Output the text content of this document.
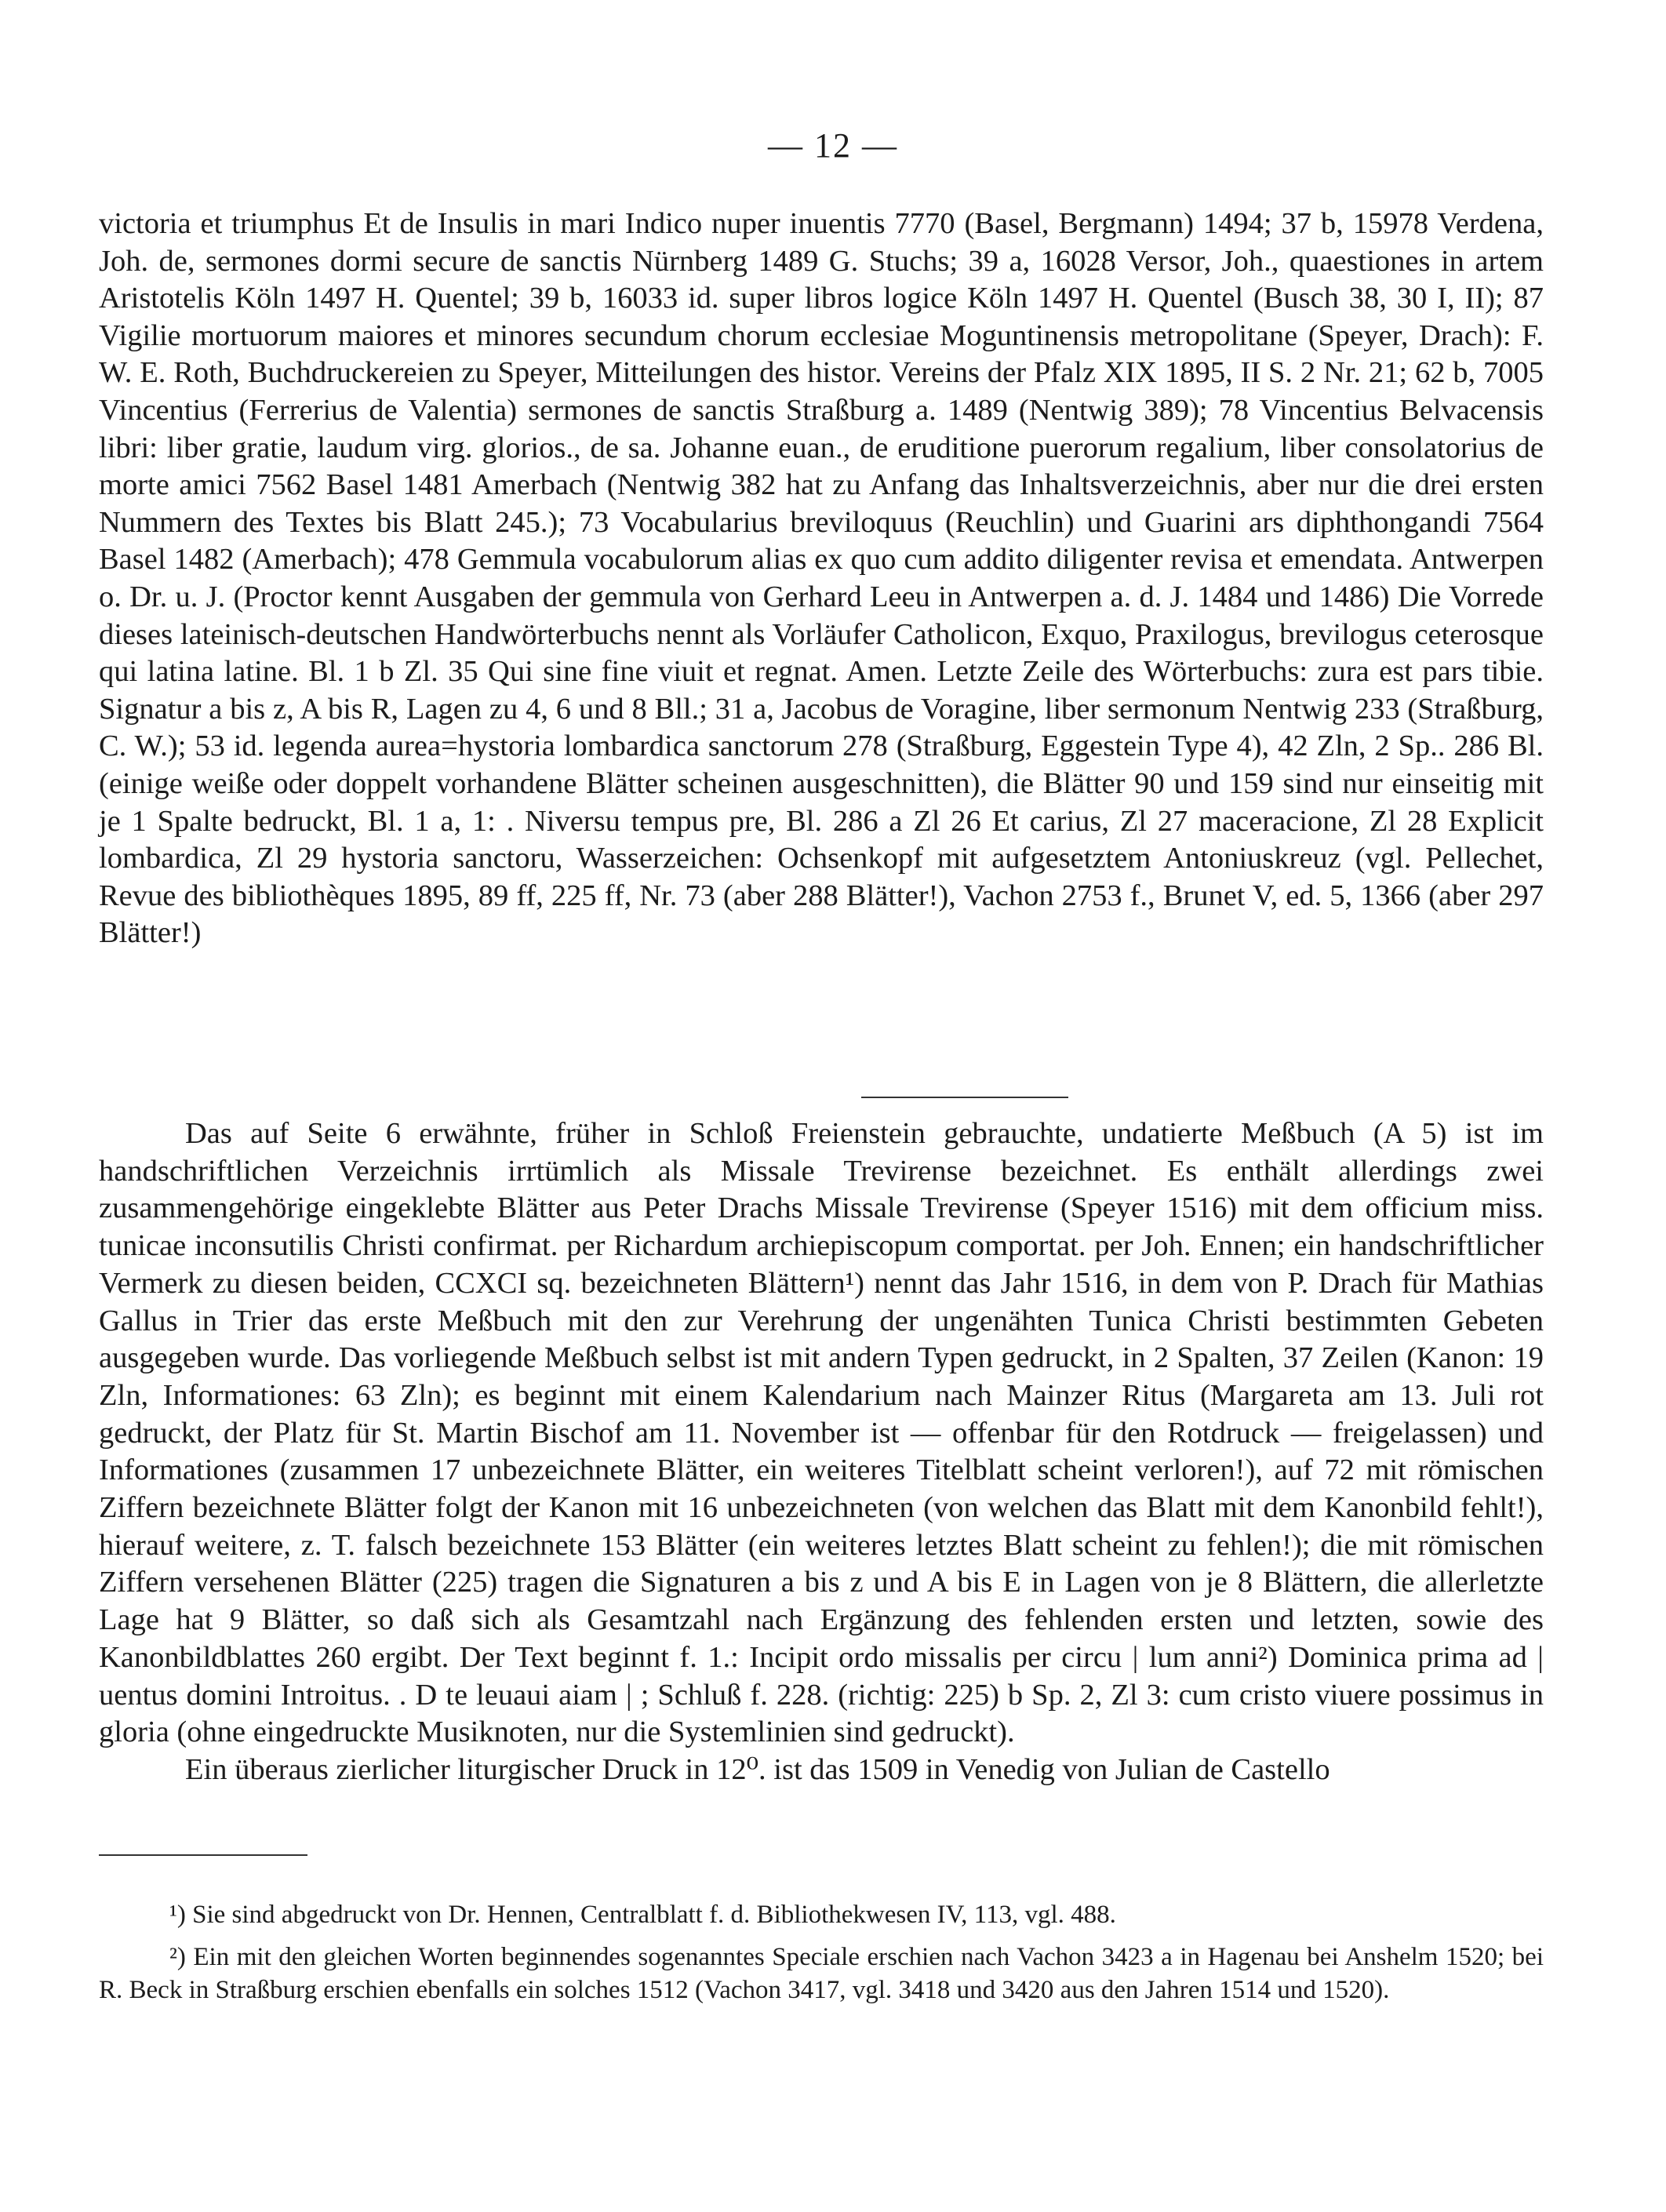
— 12 —

victoria et triumphus Et de Insulis in mari Indico nuper inuentis 7770 (Basel, Bergmann) 1494; 37 b, 15978 Verdena, Joh. de, sermones dormi secure de sanctis Nürnberg 1489 G. Stuchs; 39 a, 16028 Versor, Joh., quaestiones in artem Aristotelis Köln 1497 H. Quentel; 39 b, 16033 id. super libros logice Köln 1497 H. Quentel (Busch 38, 30 I, II); 87 Vigilie mortuorum maiores et minores secundum chorum ecclesiae Moguntinensis metropolitane (Speyer, Drach): F. W. E. Roth, Buchdruckereien zu Speyer, Mitteilungen des histor. Vereins der Pfalz XIX 1895, II S. 2 Nr. 21; 62 b, 7005 Vincentius (Ferrerius de Valentia) sermones de sanctis Straßburg a. 1489 (Nentwig 389); 78 Vincentius Belvacensis libri: liber gratie, laudum virg. glorios., de sa. Johanne euan., de eruditione puerorum regalium, liber consolatorius de morte amici 7562 Basel 1481 Amerbach (Nentwig 382 hat zu Anfang das Inhaltsverzeichnis, aber nur die drei ersten Nummern des Textes bis Blatt 245.); 73 Vocabularius breviloquus (Reuchlin) und Guarini ars diphthongandi 7564 Basel 1482 (Amerbach); 478 Gemmula vocabulorum alias ex quo cum addito diligenter revisa et emendata. Antwerpen o. Dr. u. J. (Proctor kennt Ausgaben der gemmula von Gerhard Leeu in Antwerpen a. d. J. 1484 und 1486) Die Vorrede dieses lateinisch-deutschen Handwörterbuchs nennt als Vorläufer Catholicon, Exquo, Praxilogus, brevilogus ceterosque qui latina latine. Bl. 1 b Zl. 35 Qui sine fine viuit et regnat. Amen. Letzte Zeile des Wörterbuchs: zura est pars tibie. Signatur a bis z, A bis R, Lagen zu 4, 6 und 8 Bll.; 31 a, Jacobus de Voragine, liber sermonum Nentwig 233 (Straßburg, C. W.); 53 id. legenda aurea=hystoria lombardica sanctorum 278 (Straßburg, Eggestein Type 4), 42 Zln, 2 Sp.. 286 Bl. (einige weiße oder doppelt vorhandene Blätter scheinen ausgeschnitten), die Blätter 90 und 159 sind nur einseitig mit je 1 Spalte bedruckt, Bl. 1 a, 1: . Niversu tempus pre, Bl. 286 a Zl 26 Et carius, Zl 27 maceracione, Zl 28 Explicit lombardica, Zl 29 hystoria sanctoru, Wasserzeichen: Ochsenkopf mit aufgesetztem Antoniuskreuz (vgl. Pellechet, Revue des bibliothèques 1895, 89 ff, 225 ff, Nr. 73 (aber 288 Blätter!), Vachon 2753 f., Brunet V, ed. 5, 1366 (aber 297 Blätter!)

Das auf Seite 6 erwähnte, früher in Schloß Freienstein gebrauchte, undatierte Meßbuch (A 5) ist im handschriftlichen Verzeichnis irrtümlich als Missale Trevirense bezeichnet. Es enthält allerdings zwei zusammengehörige eingeklebte Blätter aus Peter Drachs Missale Trevirense (Speyer 1516) mit dem officium miss. tunicae inconsutilis Christi confirmat. per Richardum archiepiscopum comportat. per Joh. Ennen; ein handschriftlicher Vermerk zu diesen beiden, CCXCI sq. bezeichneten Blättern¹) nennt das Jahr 1516, in dem von P. Drach für Mathias Gallus in Trier das erste Meßbuch mit den zur Verehrung der ungenähten Tunica Christi bestimmten Gebeten ausgegeben wurde. Das vorliegende Meßbuch selbst ist mit andern Typen gedruckt, in 2 Spalten, 37 Zeilen (Kanon: 19 Zln, Informationes: 63 Zln); es beginnt mit einem Kalendarium nach Mainzer Ritus (Margareta am 13. Juli rot gedruckt, der Platz für St. Martin Bischof am 11. November ist — offenbar für den Rotdruck — freigelassen) und Informationes (zusammen 17 unbezeichnete Blätter, ein weiteres Titelblatt scheint verloren!), auf 72 mit römischen Ziffern bezeichnete Blätter folgt der Kanon mit 16 unbezeichneten (von welchen das Blatt mit dem Kanonbild fehlt!), hierauf weitere, z. T. falsch bezeichnete 153 Blätter (ein weiteres letztes Blatt scheint zu fehlen!); die mit römischen Ziffern versehenen Blätter (225) tragen die Signaturen a bis z und A bis E in Lagen von je 8 Blättern, die allerletzte Lage hat 9 Blätter, so daß sich als Gesamtzahl nach Ergänzung des fehlenden ersten und letzten, sowie des Kanonbildblattes 260 ergibt. Der Text beginnt f. 1.: Incipit ordo missalis per circu | lum anni²) Dominica prima ad | uentus domini Introitus. . D te leuaui aiam | ; Schluß f. 228. (richtig: 225) b Sp. 2, Zl 3: cum cristo viuere possimus in gloria (ohne eingedruckte Musiknoten, nur die Systemlinien sind gedruckt).

Ein überaus zierlicher liturgischer Druck in 12⁰. ist das 1509 in Venedig von Julian de Castello

¹) Sie sind abgedruckt von Dr. Hennen, Centralblatt f. d. Bibliothekwesen IV, 113, vgl. 488.

²) Ein mit den gleichen Worten beginnendes sogenanntes Speciale erschien nach Vachon 3423 a in Hagenau bei Anshelm 1520; bei R. Beck in Straßburg erschien ebenfalls ein solches 1512 (Vachon 3417, vgl. 3418 und 3420 aus den Jahren 1514 und 1520).
